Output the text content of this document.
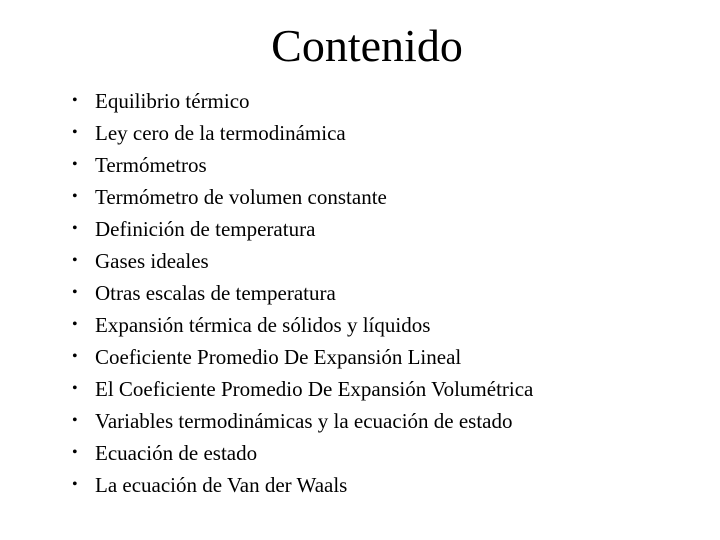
Contenido
• Equilibrio térmico
• Ley cero de la termodinámica
• Termómetros
• Termómetro de volumen constante
• Definición de temperatura
• Gases ideales
• Otras escalas de temperatura
• Expansión térmica de sólidos y líquidos
• Coeficiente Promedio De Expansión Lineal
• El Coeficiente Promedio De Expansión Volumétrica
• Variables termodinámicas y la ecuación de estado
• Ecuación de estado
• La ecuación de Van der Waals
